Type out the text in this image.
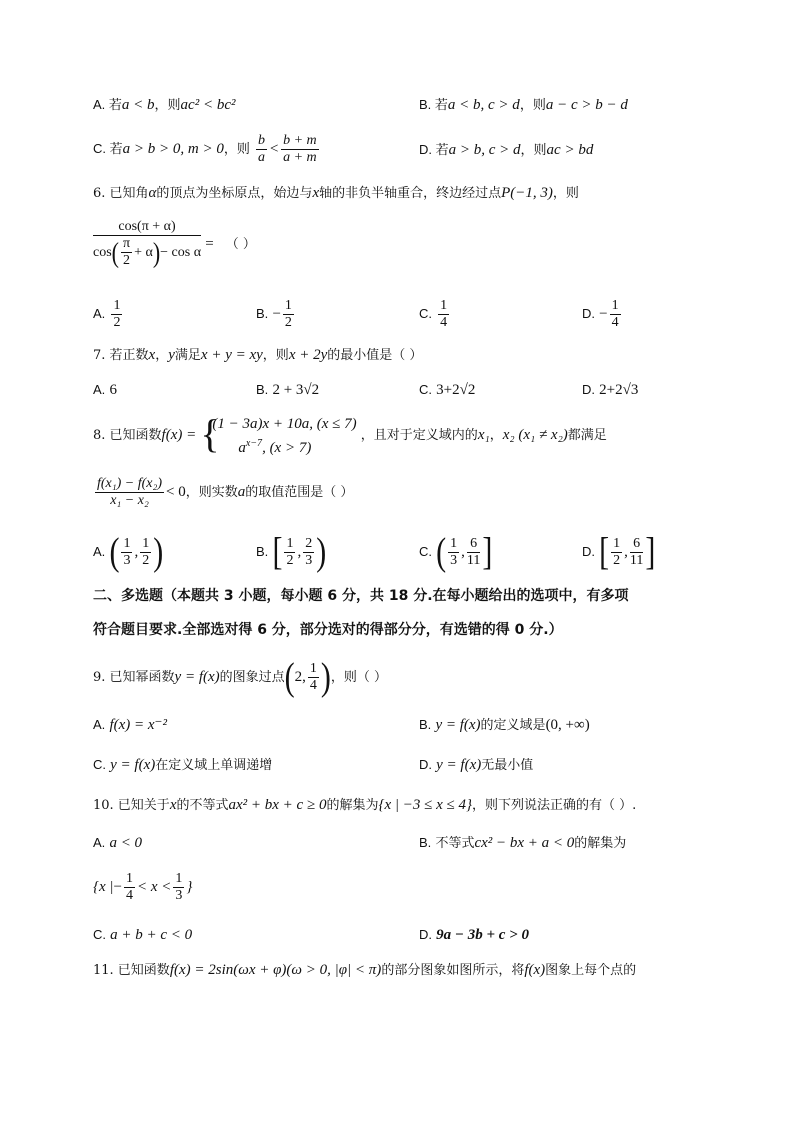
A. 若a < b，则ac² < bc²	B. 若a < b, c > d，则a − c > b − d
C. 若a > b > 0, m > 0，则 $\frac{b}{a} < \frac{b + m}{a + m}$	D. 若a > b, c > d，则ac > bd
6. 已知角α的顶点为坐标原点，始边与x轴的非负半轴重合，终边经过点P(−1, 3)，则
$\frac{\cos(\pi + \alpha)}{\cos( \frac{\pi}{2} + \alpha)- \cos \alpha}$ = （ ）
A. $\frac{1}{2}$	B. − $\frac{1}{2}$	C. $\frac{1}{4}$	D. − $\frac{1}{4}$
7. 若正数x，y满足x + y = xy，则x + 2y的最小值是（ ）
A. 6	B. 2 + 3√2	C. 3+2√2	D. 2+2√3
8. 已知函数f(x) = {
(1 − 3a)x + 10a, (x ≤ 7)
$a^{x-7}$, (x > 7)
，且对于定义域内的x₁，x₂ (x₁ ≠ x₂)都满足
$\frac{\text{f(x₁) − f(x₂)}}{\text{x₁ − x₂}} < 0$，则实数a的取值范围是（ ）
A. ( $\frac{1}{3}$ , $\frac{1}{2}$ )	B. [ $\frac{1}{2}$ , $\frac{2}{3}$ )	C. ( $\frac{1}{3}$ , $\frac{6}{11}$ ]	D. [ $\frac{1}{2}$ , $\frac{6}{11}$ ]
二、多选题（本题共 3 小题，每小题 6 分，共 18 分.在每小题给出的选项中，有多项
符合题目要求.全部选对得 6 分，部分选对的得部分分，有选错的得 0 分.）
9. 已知幂函数y = f(x)的图象过点(2, $\frac{1}{4}$ )，则（ ）
A. f(x) = x⁻²	B. y = f(x)的定义域是(0, +∞)
C. y = f(x)在定义域上单调递增	D. y = f(x)无最小值
10. 已知关于x的不等式ax² + bx + c ≥ 0的解集为{x | −3 ≤ x ≤ 4}，则下列说法正确的有（ ）.
A. a < 0	B. 不等式cx² − bx + a < 0的解集为
{x |− $\frac{1}{4} < x < \frac{1}{3}$ }
C. a + b + c < 0	D. 9a − 3b + c > 0
11. 已知函数f(x) = 2sin(ωx + φ)(ω > 0, |φ| < π)的部分图象如图所示，将f(x)图象上每个点的
